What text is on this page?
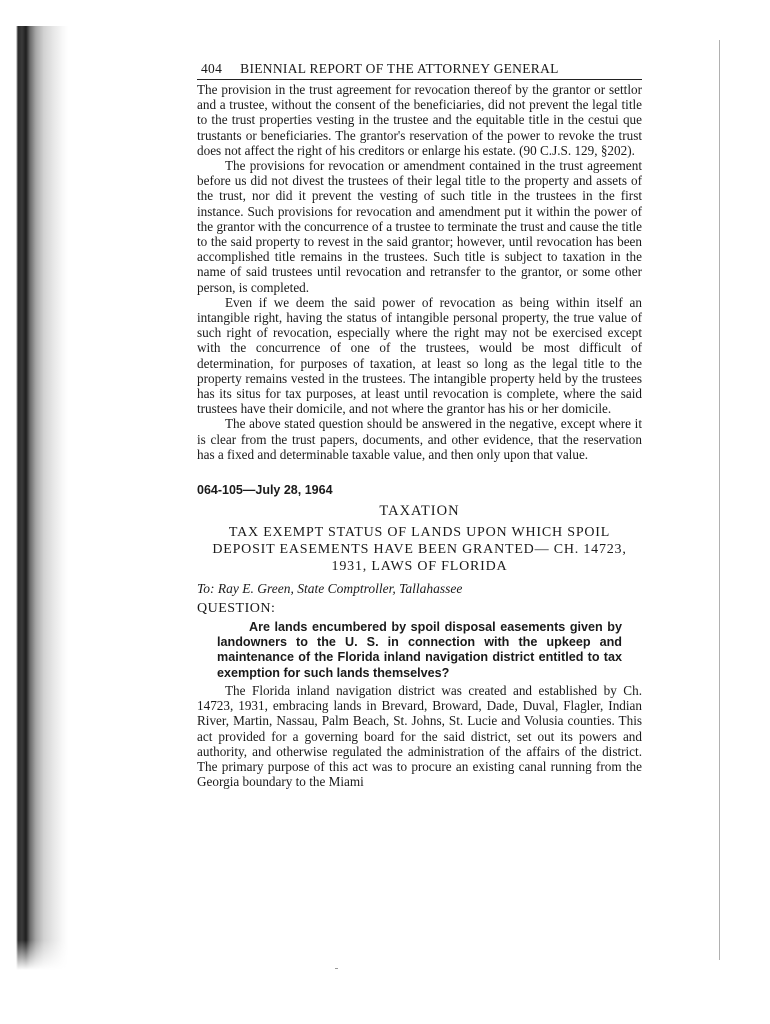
404 BIENNIAL REPORT OF THE ATTORNEY GENERAL

The provision in the trust agreement for revocation thereof by the grantor or settlor and a trustee, without the consent of the beneficiaries, did not prevent the legal title to the trust properties vesting in the trustee and the equitable title in the cestui que trustants or beneficiaries. The grantor's reservation of the power to revoke the trust does not affect the right of his creditors or enlarge his estate. (90 C.J.S. 129, §202).

The provisions for revocation or amendment contained in the trust agreement before us did not divest the trustees of their legal title to the property and assets of the trust, nor did it prevent the vesting of such title in the trustees in the first instance. Such provisions for revocation and amendment put it within the power of the grantor with the concurrence of a trustee to terminate the trust and cause the title to the said property to revest in the said grantor; however, until revocation has been accomplished title remains in the trustees. Such title is subject to taxation in the name of said trustees until revocation and retransfer to the grantor, or some other person, is completed.

Even if we deem the said power of revocation as being within itself an intangible right, having the status of intangible personal property, the true value of such right of revocation, especially where the right may not be exercised except with the concurrence of one of the trustees, would be most difficult of determination, for purposes of taxation, at least so long as the legal title to the property remains vested in the trustees. The intangible property held by the trustees has its situs for tax purposes, at least until revocation is complete, where the said trustees have their domicile, and not where the grantor has his or her domicile.

The above stated question should be answered in the negative, except where it is clear from the trust papers, documents, and other evidence, that the reservation has a fixed and determinable taxable value, and then only upon that value.

064-105—July 28, 1964
TAXATION
TAX EXEMPT STATUS OF LANDS UPON WHICH SPOIL DEPOSIT EASEMENTS HAVE BEEN GRANTED— CH. 14723, 1931, LAWS OF FLORIDA
To: Ray E. Green, State Comptroller, Tallahassee
QUESTION:

Are lands encumbered by spoil disposal easements given by landowners to the U. S. in connection with the upkeep and maintenance of the Florida inland navigation district entitled to tax exemption for such lands themselves?

The Florida inland navigation district was created and established by Ch. 14723, 1931, embracing lands in Brevard, Broward, Dade, Duval, Flagler, Indian River, Martin, Nassau, Palm Beach, St. Johns, St. Lucie and Volusia counties. This act provided for a governing board for the said district, set out its powers and authority, and otherwise regulated the administration of the affairs of the district. The primary purpose of this act was to procure an existing canal running from the Georgia boundary to the Miami
